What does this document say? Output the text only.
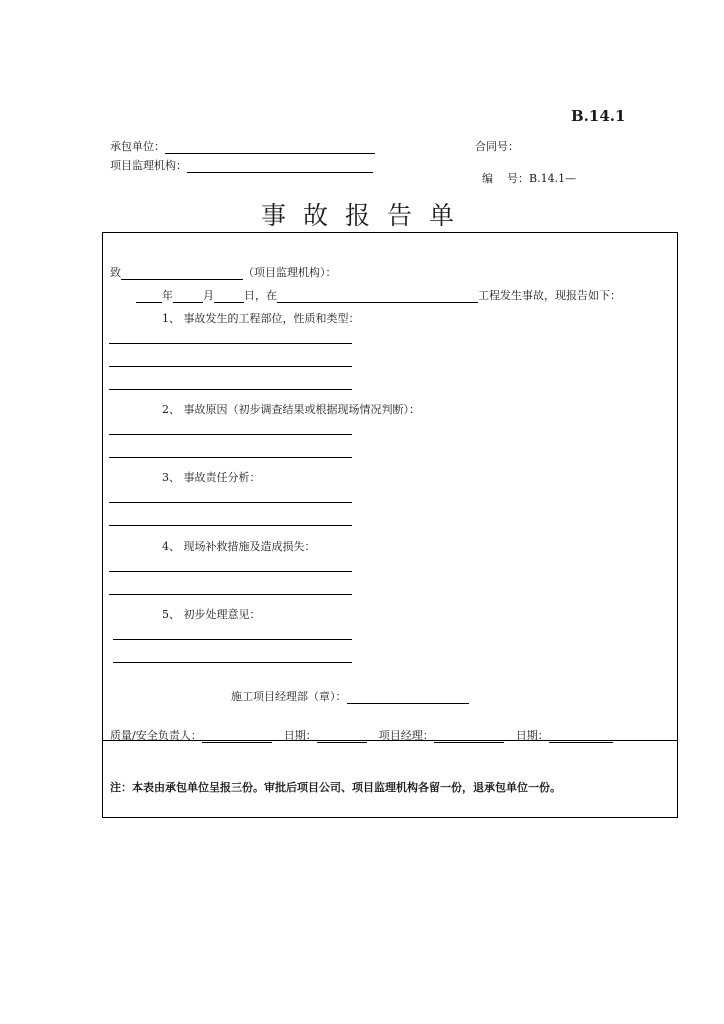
B.14.1
承包单位：	合同号：
项目监理机构：

编    号：B.14.1—

事故报告单
致	（项目监理机构）：
年	月	日，在	工程发生事故，现报告如下：
1、 事故发生的工程部位，性质和类型：
2、 事故原因（初步调查结果或根据现场情况判断）：
3、 事故责任分析：
4、 现场补救措施及造成损失：
5、 初步处理意见：
施工项目经理部（章）：
质量/安全负责人：	日期：	项目经理：	日期：
注：本表由承包单位呈报三份。审批后项目公司、项目监理机构各留一份，退承包单位一份。
